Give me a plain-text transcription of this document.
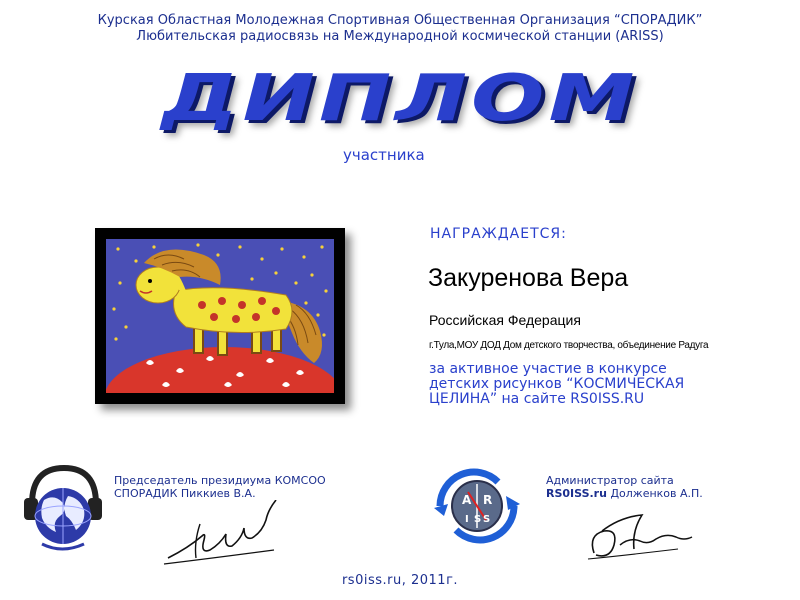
Курская Областная Молодежная Спортивная Общественная Организация “СПОРАДИК”
Любительская радиосвязь на Международной космической станции (ARISS)
ДИПЛОМ
участника
НАГРАЖДАЕТСЯ:
Закуренова Вера
Российская Федерация
г.Тула,МОУ ДОД Дом детского творчества, объединение Радуга
за активное участие в конкурсе
детских рисунков “КОСМИЧЕСКАЯ
ЦЕЛИНА” на сайте RS0ISS.RU
A R
I S S
Председатель президиума КОМСОО
СПОРАДИК Пиккиев В.А.
Администратор сайта
RS0ISS.ru Долженков А.П.
rs0iss.ru, 2011г.
